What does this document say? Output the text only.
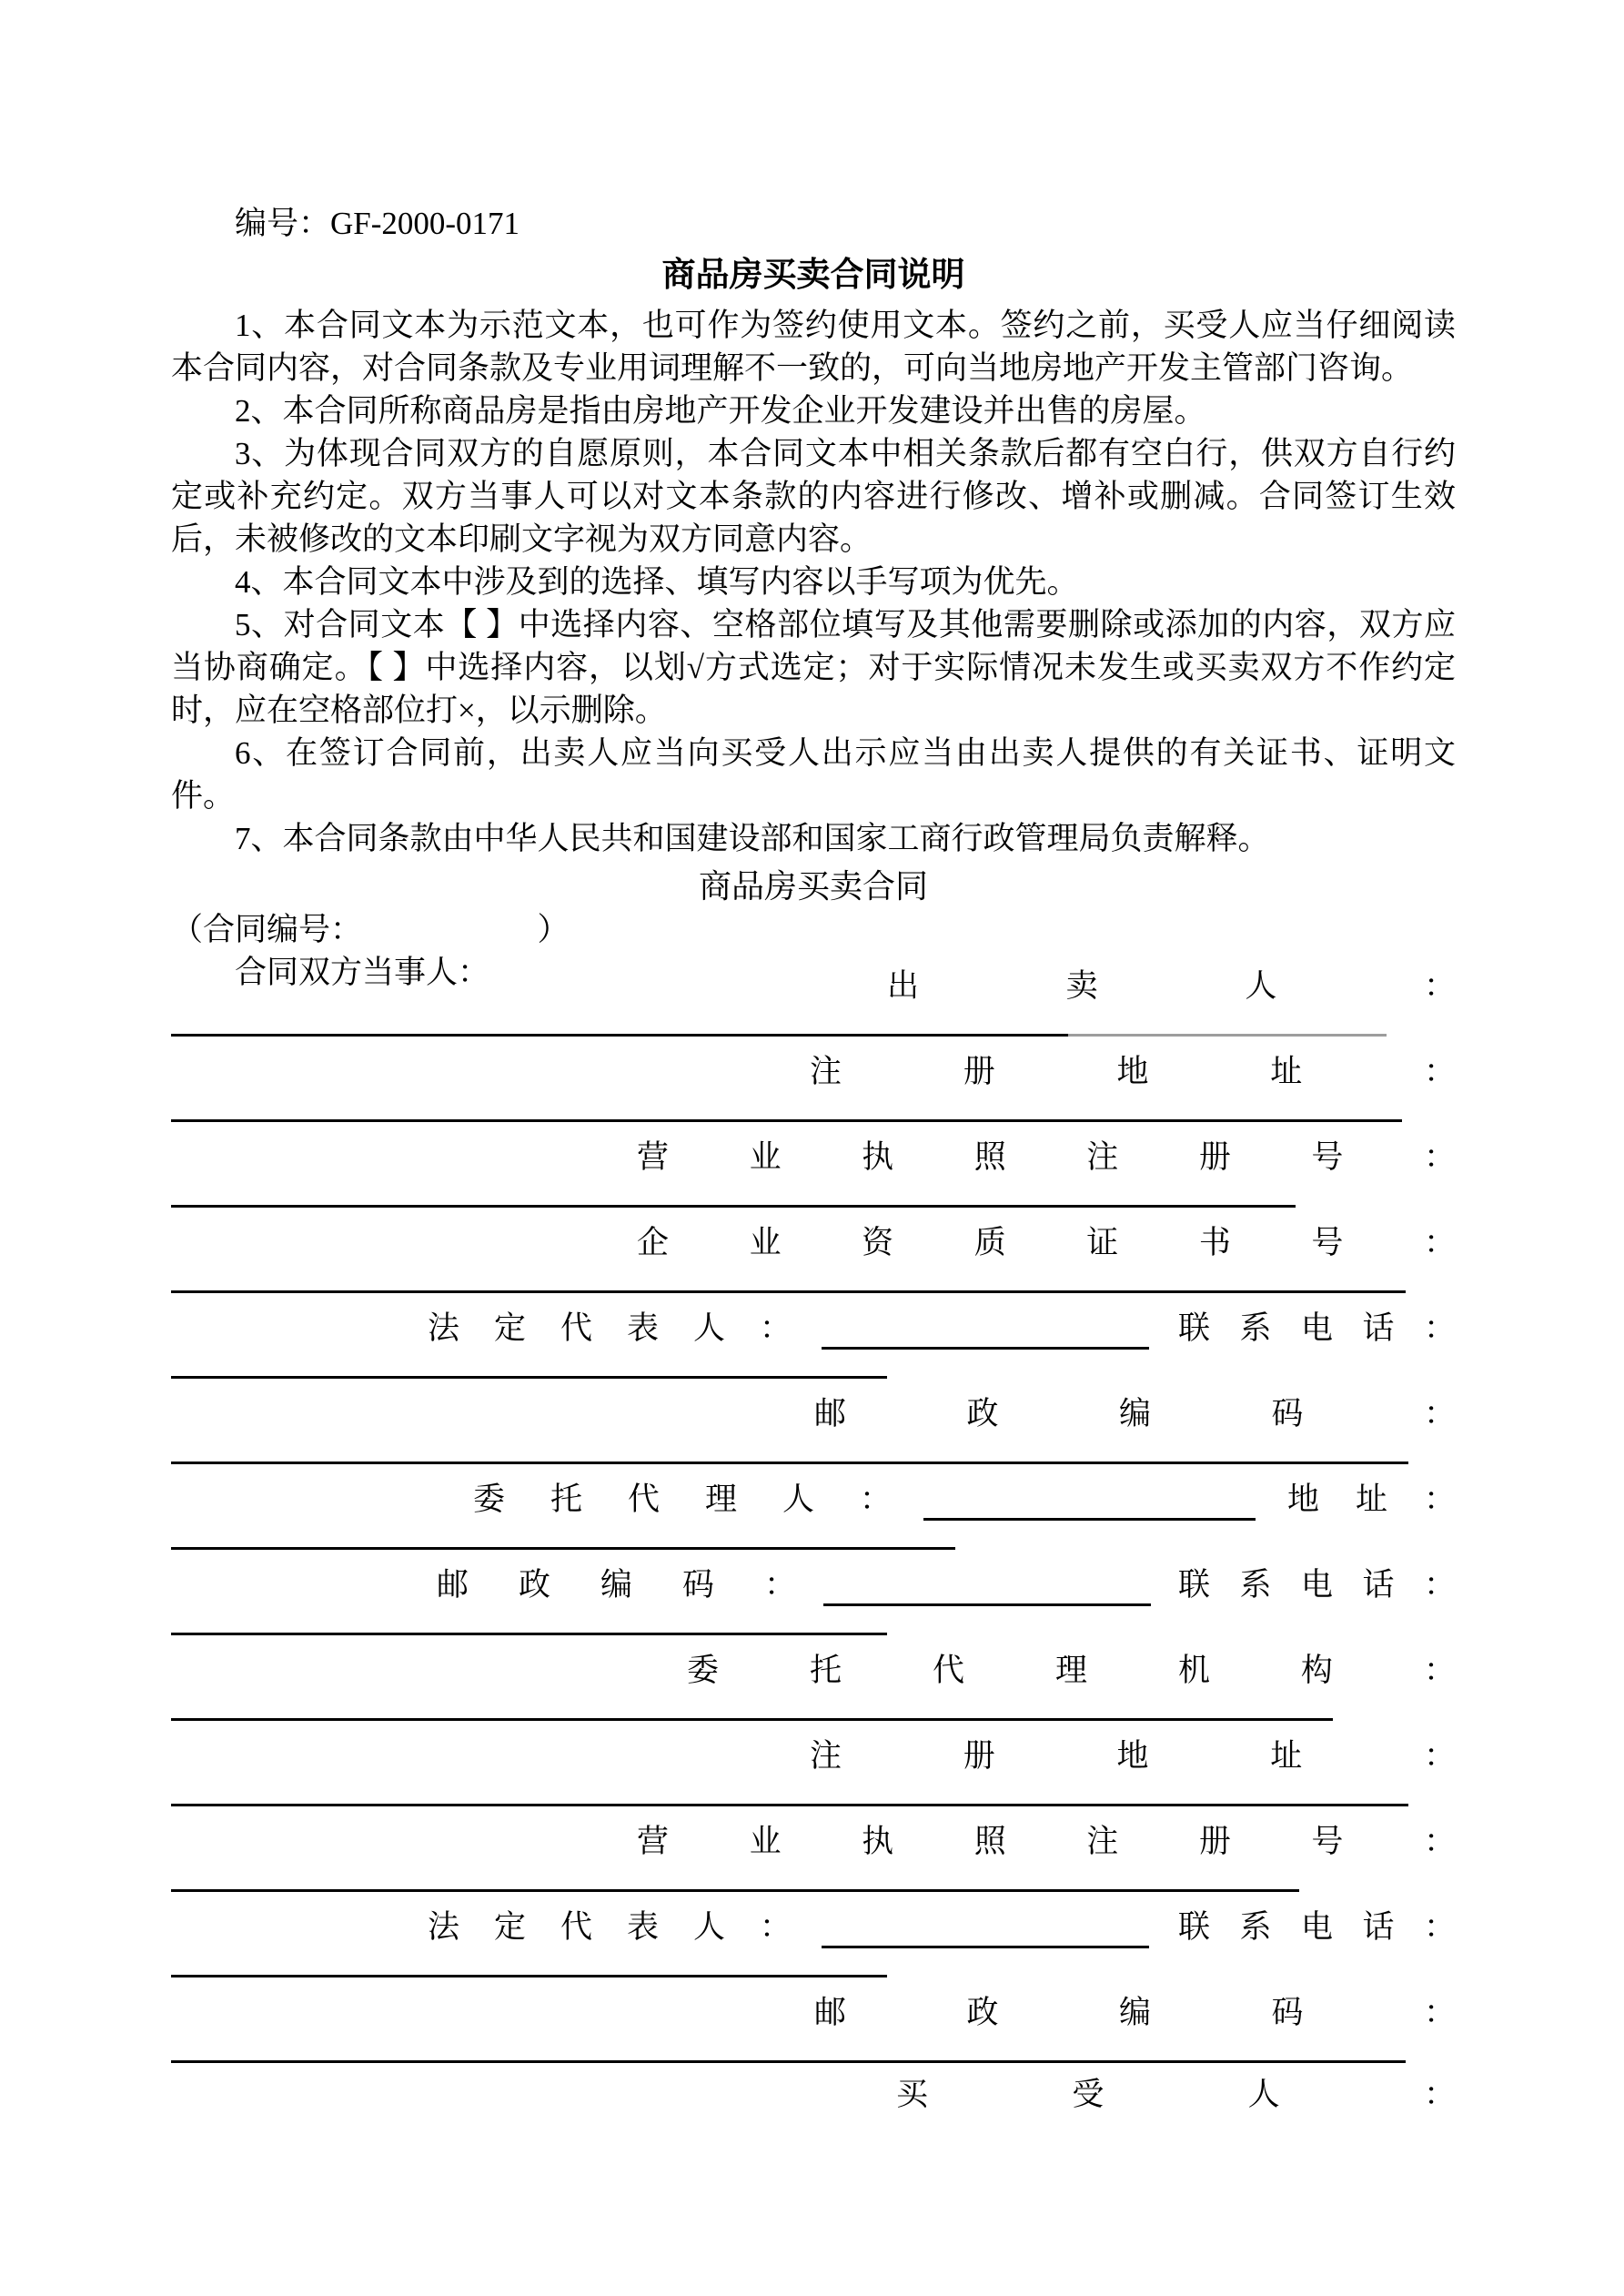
编号：GF-2000-0171

商品房买卖合同说明

1、本合同文本为示范文本，也可作为签约使用文本。签约之前，买受人应当仔细阅读本合同内容，对合同条款及专业用词理解不一致的，可向当地房地产开发主管部门咨询。

2、本合同所称商品房是指由房地产开发企业开发建设并出售的房屋。

3、为体现合同双方的自愿原则，本合同文本中相关条款后都有空白行，供双方自行约定或补充约定。双方当事人可以对文本条款的内容进行修改、增补或删减。合同签订生效后，未被修改的文本印刷文字视为双方同意内容。

4、本合同文本中涉及到的选择、填写内容以手写项为优先。

5、对合同文本【 】中选择内容、空格部位填写及其他需要删除或添加的内容，双方应当协商确定。【 】中选择内容，以划√方式选定；对于实际情况未发生或买卖双方不作约定时，应在空格部位打×，以示删除。

6、在签订合同前，出卖人应当向买受人出示应当由出卖人提供的有关证书、证明文件。

7、本合同条款由中华人民共和国建设部和国家工商行政管理局负责解释。

商品房买卖合同

（合同编号：　　　　　　）

合同双方当事人：	出	卖	人	：
注	册	地	址	：
营	业	执	照	注	册	号	：
企	业	资	质	证	书	号	：
法 定 代 表 人 ：	联 系 电 话 ：
邮	政	编	码	：
委 托 代 理 人 ：	地 址 ：
邮 政 编 码 ：	联 系 电 话 ：
委	托	代	理	机	构	：
注	册	地	址	：
营	业	执	照	注	册	号	：
法 定 代 表 人 ：	联 系 电 话 ：
邮	政	编	码	：
买	受	人	：
